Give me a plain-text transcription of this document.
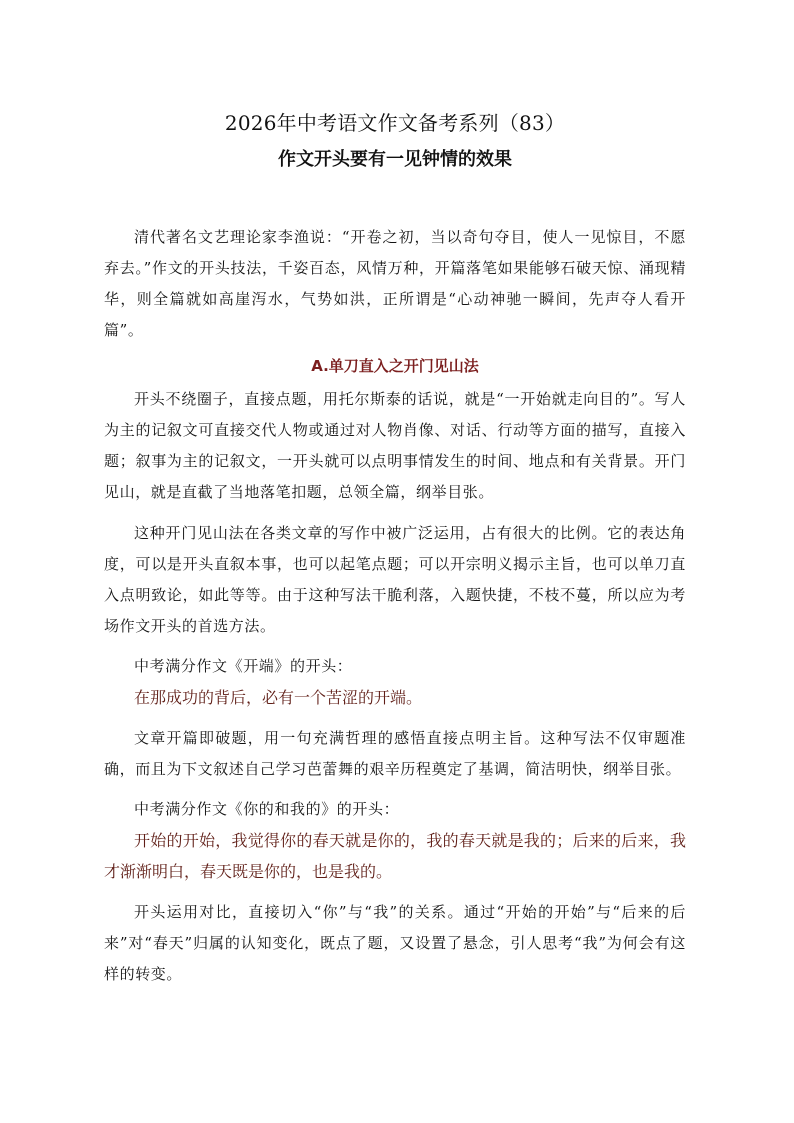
2026年中考语文作文备考系列（83）
作文开头要有一见钟情的效果

清代著名文艺理论家李渔说：“开卷之初，当以奇句夺目，使人一见惊目，不愿弃去。”作文的开头技法，千姿百态，风情万种，开篇落笔如果能够石破天惊、涌现精华，则全篇就如高崖泻水，气势如洪，正所谓是“心动神驰一瞬间，先声夺人看开篇”。

A.单刀直入之开门见山法

开头不绕圈子，直接点题，用托尔斯泰的话说，就是“一开始就走向目的”。写人为主的记叙文可直接交代人物或通过对人物肖像、对话、行动等方面的描写，直接入题；叙事为主的记叙文，一开头就可以点明事情发生的时间、地点和有关背景。开门见山，就是直截了当地落笔扣题，总领全篇，纲举目张。

这种开门见山法在各类文章的写作中被广泛运用，占有很大的比例。它的表达角度，可以是开头直叙本事，也可以起笔点题；可以开宗明义揭示主旨，也可以单刀直入点明致论，如此等等。由于这种写法干脆利落，入题快捷，不枝不蔓，所以应为考场作文开头的首选方法。

中考满分作文《开端》的开头：

在那成功的背后，必有一个苦涩的开端。

文章开篇即破题，用一句充满哲理的感悟直接点明主旨。这种写法不仅审题准确，而且为下文叙述自己学习芭蕾舞的艰辛历程奠定了基调，简洁明快，纲举目张。

中考满分作文《你的和我的》的开头：

开始的开始，我觉得你的春天就是你的，我的春天就是我的；后来的后来，我才渐渐明白，春天既是你的，也是我的。

开头运用对比，直接切入“你”与“我”的关系。通过“开始的开始”与“后来的后来”对“春天”归属的认知变化，既点了题，又设置了悬念，引人思考“我”为何会有这样的转变。
